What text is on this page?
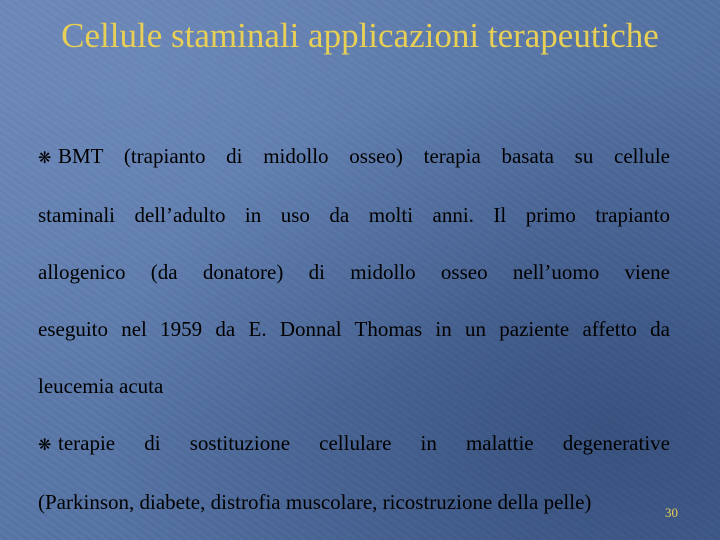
Cellule staminali applicazioni terapeutiche
❋ BMT (trapianto di midollo osseo) terapia basata su cellule
staminali dell’adulto in uso da molti anni. Il primo trapianto
allogenico (da donatore) di midollo osseo nell’uomo viene
eseguito nel 1959 da E. Donnal Thomas in un paziente affetto da
leucemia acuta
❋ terapie di sostituzione cellulare in malattie degenerative
(Parkinson, diabete, distrofia muscolare, ricostruzione della pelle)	30
